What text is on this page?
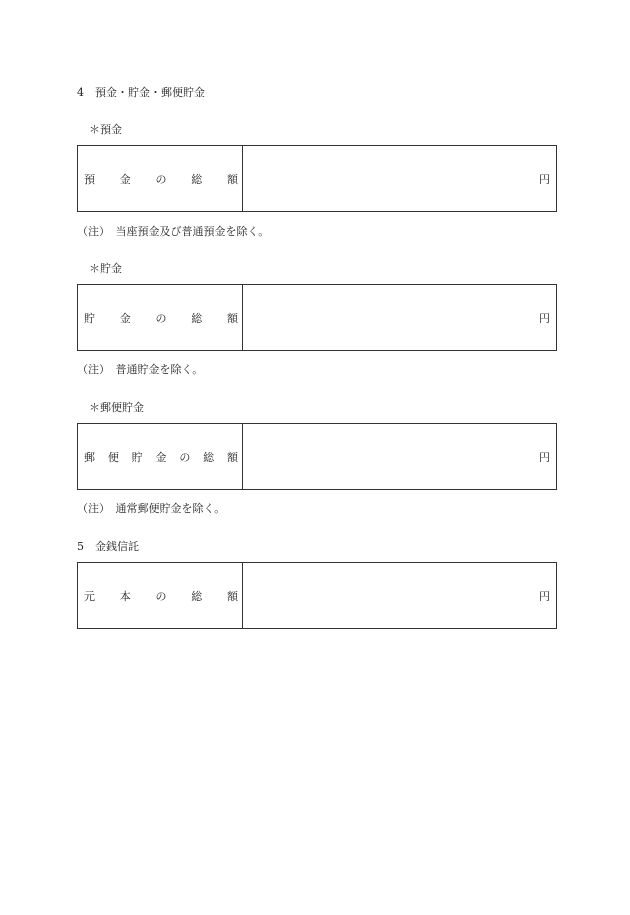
4　預金・貯金・郵便貯金
＊預金
預 金 の 総 額	円
（注）　当座預金及び普通預金を除く。
＊貯金
貯 金 の 総 額	円
（注）　普通貯金を除く。
＊郵便貯金
郵 便 貯 金 の 総 額	円
（注）　通常郵便貯金を除く。
5　金銭信託
元 本 の 総 額	円
